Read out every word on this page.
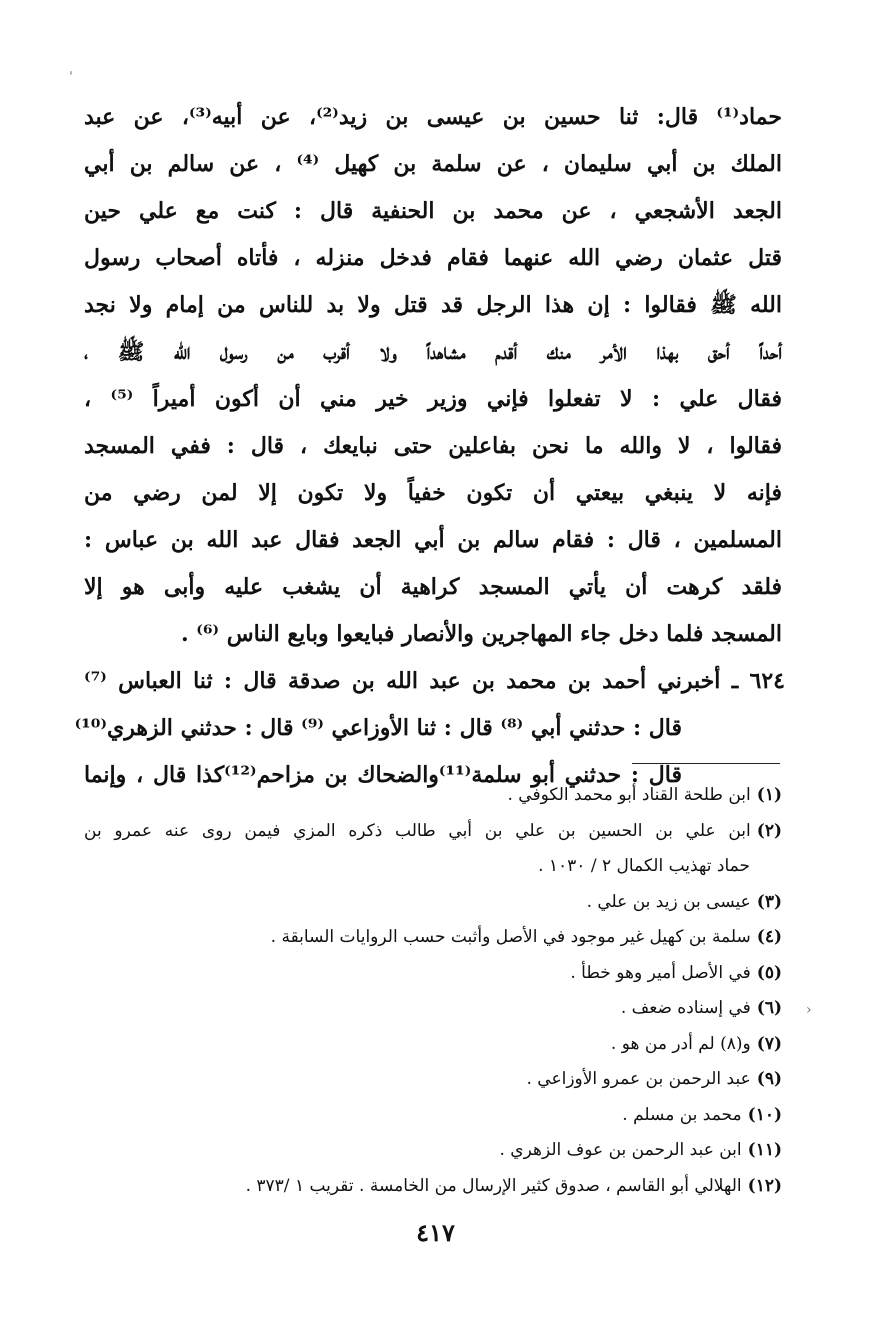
ˈ
›
حماد⁽¹⁾ قال: ثنا حسين بن عيسى بن زيد⁽²⁾، عن أبيه⁽³⁾، عن عبد
الملك بن أبي سليمان ، عن سلمة بن كهيل ⁽⁴⁾ ، عن سالم بن أبي
الجعد الأشجعي ، عن محمد بن الحنفية قال : كنت مع علي حين
قتل عثمان رضي الله عنهما فقام فدخل منزله ، فأتاه أصحاب رسول
الله ﷺ فقالوا : إن هذا الرجل قد قتل ولا بد للناس من إمام ولا نجد
أحداً أحق بهذا الأمر منك أقدم مشاهداً ولا أقرب من رسول الله ﷺ ،
فقال علي : لا تفعلوا فإني وزير خير مني أن أكون أميراً ⁽⁵⁾ ،
فقالوا ، لا والله ما نحن بفاعلين حتى نبايعك ، قال : ففي المسجد
فإنه لا ينبغي بيعتي أن تكون خفياً ولا تكون إلا لمن رضي من
المسلمين ، قال : فقام سالم بن أبي الجعد فقال عبد الله بن عباس :
فلقد كرهت أن يأتي المسجد كراهية أن يشغب عليه وأبى هو إلا
المسجد فلما دخل جاء المهاجرين والأنصار فبايعوا وبايع الناس ⁽⁶⁾ .
٦٢٤ ـ أخبرني أحمد بن محمد بن عبد الله بن صدقة قال : ثنا العباس ⁽⁷⁾
قال : حدثني أبي ⁽⁸⁾ قال : ثنا الأوزاعي ⁽⁹⁾ قال : حدثني الزهري⁽¹⁰⁾
قال : حدثني أبو سلمة⁽¹¹⁾والضحاك بن مزاحم⁽¹²⁾كذا قال ، وإنما
(١)ابن طلحة القناد أبو محمد الكوفي .
(٢)ابن علي بن الحسين بن علي بن أبي طالب ذكره المزي فيمن روى عنه عمرو بن
حماد تهذيب الكمال ٢ / ١٠٣٠ .
(٣)عيسى بن زيد بن علي .
(٤)سلمة بن كهيل غير موجود في الأصل وأثبت حسب الروايات السابقة .
(٥)في الأصل أمير وهو خطأ .
(٦)في إسناده ضعف .
(٧)و(٨) لم أدر من هو .
(٩)عبد الرحمن بن عمرو الأوزاعي .
(١٠)محمد بن مسلم .
(١١)ابن عبد الرحمن بن عوف الزهري .
(١٢)الهلالي أبو القاسم ، صدوق كثير الإرسال من الخامسة . تقريب ١ /٣٧٣ .
٤١٧
